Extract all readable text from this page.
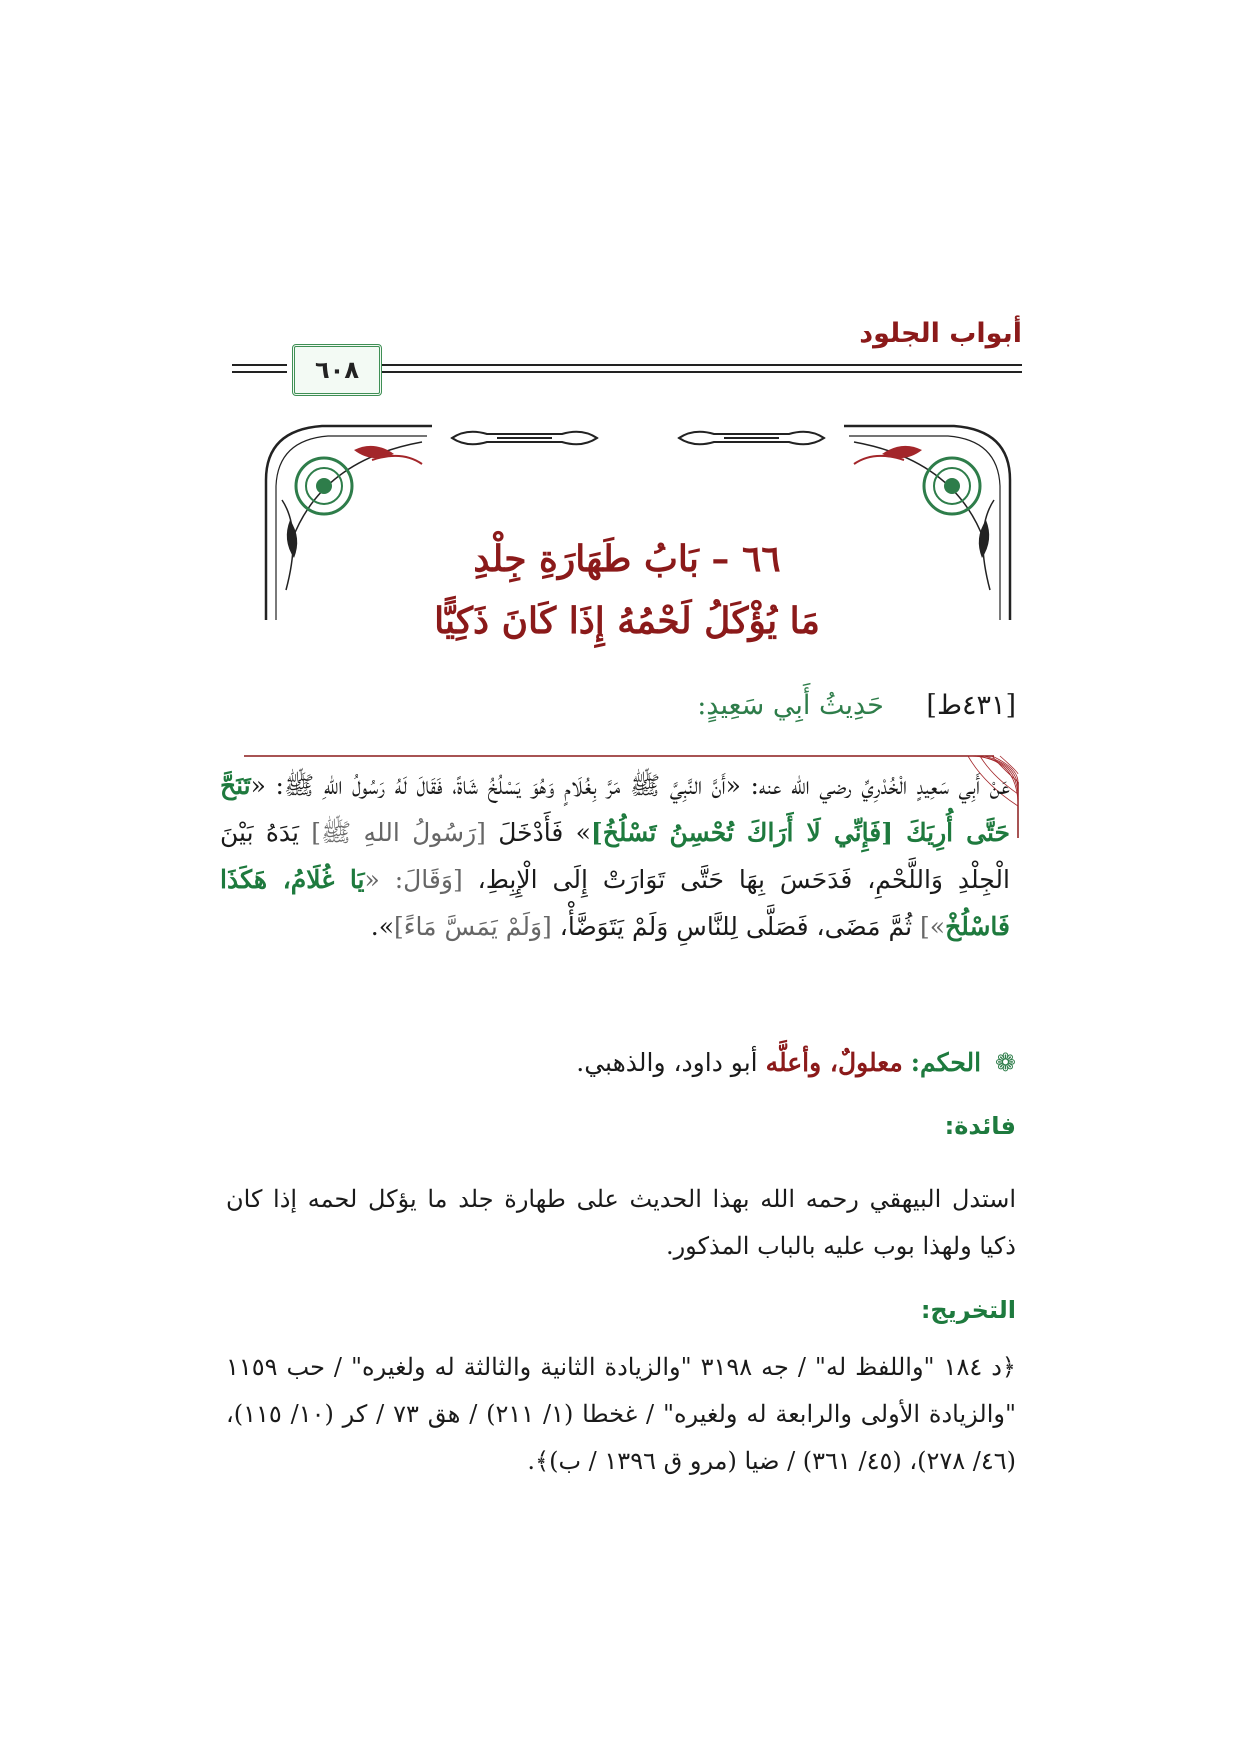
أبواب الجلود
٦٠٨
٦٦ – بَابُ طَهَارَةِ جِلْدِ
مَا يُؤْكَلُ لَحْمُهُ إِذَا كَانَ ذَكِيًّا
[٤٣١ط] حَدِيثُ أَبِي سَعِيدٍ:
عَنْ أَبِي سَعِيدٍ الْخُدْرِيِّ رضي الله عنه: «أَنَّ النَّبِيَّ ﷺ مَرَّ بِغُلَامٍ وَهُوَ يَسْلُخُ شَاةً، فَقَالَ لَهُ رَسُولُ اللهِ ﷺ: «تَنَحَّ حَتَّى أُرِيَكَ [فَإِنِّي لَا أَرَاكَ تُحْسِنُ تَسْلُخُ]» فَأَدْخَلَ [رَسُولُ اللهِ ﷺ] يَدَهُ بَيْنَ الْجِلْدِ وَاللَّحْمِ، فَدَحَسَ بِهَا حَتَّى تَوَارَتْ إِلَى الْإِبِطِ، [وَقَالَ: «يَا غُلَامُ، هَكَذَا فَاسْلُخْ»] ثُمَّ مَضَى، فَصَلَّى لِلنَّاسِ وَلَمْ يَتَوَضَّأْ، [وَلَمْ يَمَسَّ مَاءً]».
❁ الحكم: معلولٌ، وأعلَّه أبو داود، والذهبي.
فائدة:
استدل البيهقي رحمه الله بهذا الحديث على طهارة جلد ما يؤكل لحمه إذا كان ذكيا ولهذا بوب عليه بالباب المذكور.
التخريج:
﴿د ١٨٤ "واللفظ له" / جه ٣١٩٨ "والزيادة الثانية والثالثة له ولغيره" / حب ١١٥٩ "والزيادة الأولى والرابعة له ولغيره" / غخطا (١/ ٢١١) / هق ٧٣ / كر (١٠/ ١١٥)، (٤٦/ ٢٧٨)، (٤٥/ ٣٦١) / ضيا (مرو ق ١٣٩٦ / ب)﴾.
